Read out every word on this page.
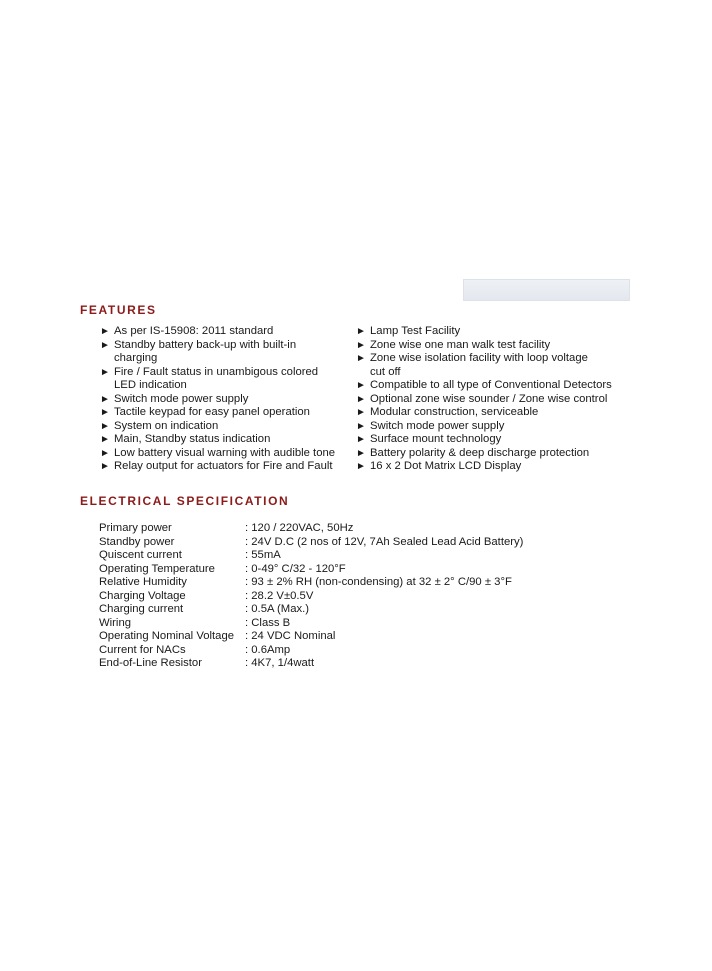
FEATURES
► As per IS-15908: 2011 standard
► Standby battery back-up with built-in
charging
► Fire / Fault status in unambigous colored
LED indication
► Switch mode power supply
► Tactile keypad for easy panel operation
► System on indication
► Main, Standby status indication
► Low battery visual warning with audible tone
► Relay output for actuators for Fire and Fault
► Lamp Test Facility
► Zone wise one man walk test facility
► Zone wise isolation facility with loop voltage
cut off
► Compatible to all type of Conventional Detectors
► Optional zone wise sounder / Zone wise control
► Modular construction, serviceable
► Switch mode power supply
► Surface mount technology
► Battery polarity & deep discharge protection
► 16 x 2 Dot Matrix LCD Display
ELECTRICAL SPECIFICATION
Primary power	: 120 / 220VAC, 50Hz
Standby power	: 24V D.C (2 nos of 12V, 7Ah Sealed Lead Acid Battery)
Quiscent current	: 55mA
Operating Temperature	: 0-49° C/32 - 120°F
Relative Humidity	: 93 ± 2% RH (non-condensing) at 32 ± 2° C/90 ± 3°F
Charging Voltage	: 28.2 V±0.5V
Charging current	: 0.5A (Max.)
Wiring	: Class B
Operating Nominal Voltage	: 24 VDC Nominal
Current for NACs	: 0.6Amp
End-of-Line Resistor	: 4K7, 1/4watt
